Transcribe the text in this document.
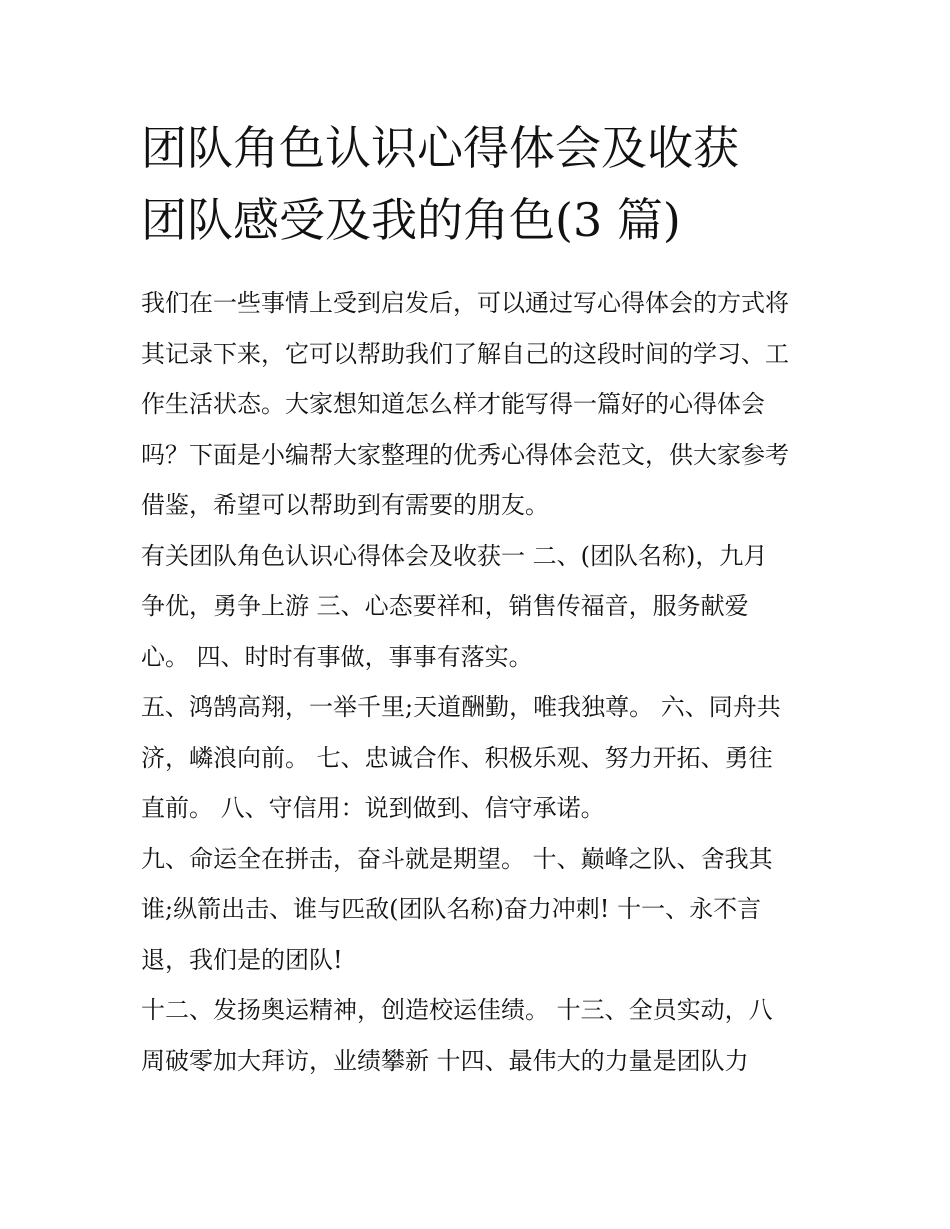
团队角色认识心得体会及收获
团队感受及我的角色(3 篇)

我们在一些事情上受到启发后，可以通过写心得体会的方式将
其记录下来，它可以帮助我们了解自己的这段时间的学习、工
作生活状态。大家想知道怎么样才能写得一篇好的心得体会
吗？下面是小编帮大家整理的优秀心得体会范文，供大家参考
借鉴，希望可以帮助到有需要的朋友。

有关团队角色认识心得体会及收获一 二、(团队名称)，九月
争优，勇争上游 三、心态要祥和，销售传福音，服务献爱
心。 四、时时有事做，事事有落实。

五、鸿鹄高翔，一举千里;天道酬勤，唯我独尊。 六、同舟共
济，嶙浪向前。 七、忠诚合作、积极乐观、努力开拓、勇往
直前。 八、守信用：说到做到、信守承诺。

九、命运全在拼击，奋斗就是期望。 十、巅峰之队、舍我其
谁;纵箭出击、谁与匹敌(团队名称)奋力冲刺! 十一、永不言
退，我们是的团队!

十二、发扬奥运精神，创造校运佳绩。 十三、全员实动，八
周破零加大拜访，业绩攀新 十四、最伟大的力量是团队力
